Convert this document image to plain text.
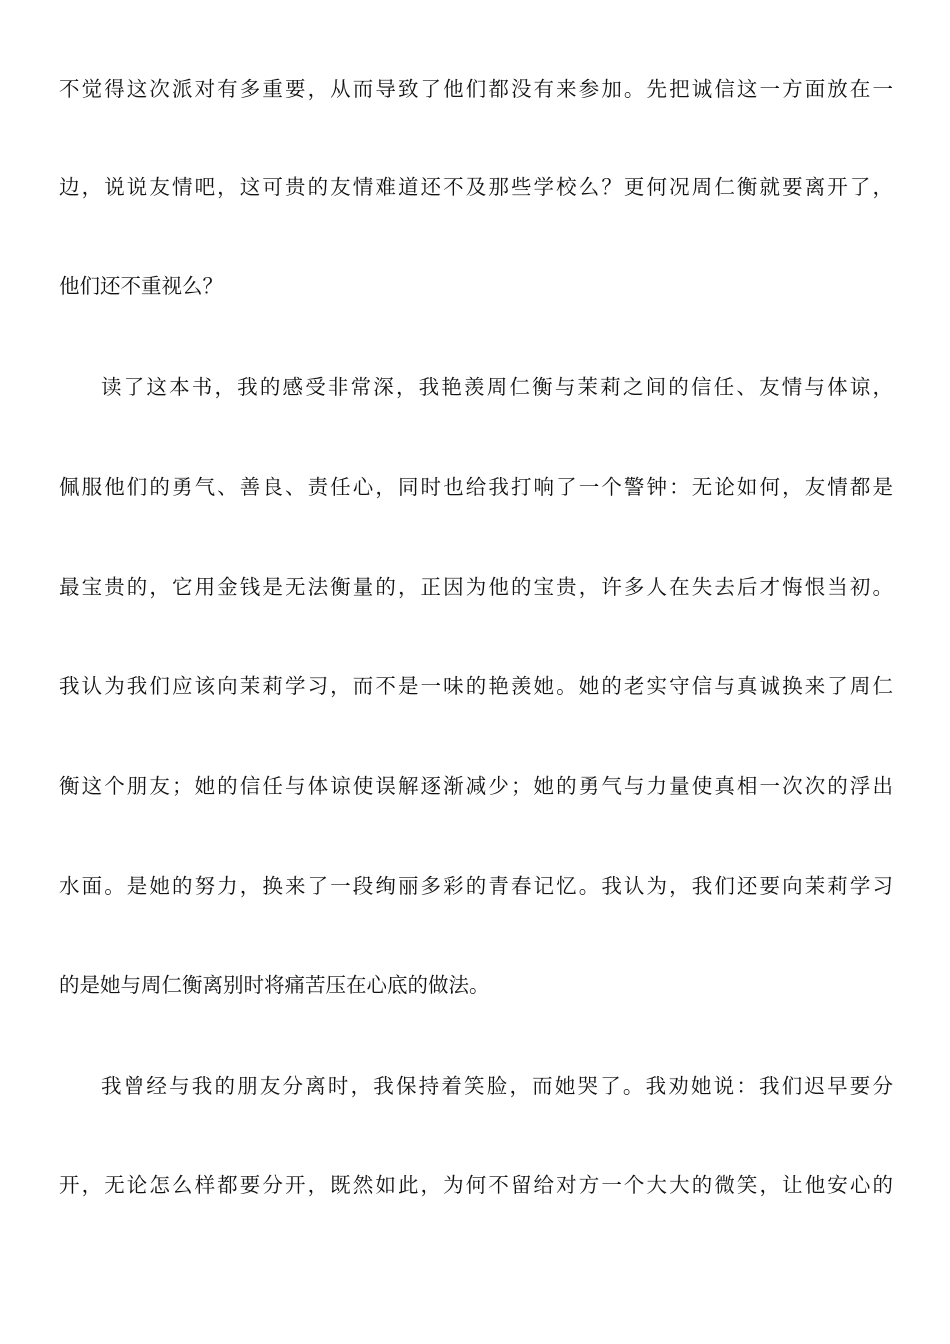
不觉得这次派对有多重要，从而导致了他们都没有来参加。先把诚信这一方面放在一
边，说说友情吧，这可贵的友情难道还不及那些学校么？更何况周仁衡就要离开了，
他们还不重视么？
读了这本书，我的感受非常深，我艳羡周仁衡与茉莉之间的信任、友情与体谅，
佩服他们的勇气、善良、责任心，同时也给我打响了一个警钟：无论如何，友情都是
最宝贵的，它用金钱是无法衡量的，正因为他的宝贵，许多人在失去后才悔恨当初。
我认为我们应该向茉莉学习，而不是一味的艳羡她。她的老实守信与真诚换来了周仁
衡这个朋友；她的信任与体谅使误解逐渐减少；她的勇气与力量使真相一次次的浮出
水面。是她的努力，换来了一段绚丽多彩的青春记忆。我认为，我们还要向茉莉学习
的是她与周仁衡离别时将痛苦压在心底的做法。
我曾经与我的朋友分离时，我保持着笑脸，而她哭了。我劝她说：我们迟早要分
开，无论怎么样都要分开，既然如此，为何不留给对方一个大大的微笑，让他安心的
